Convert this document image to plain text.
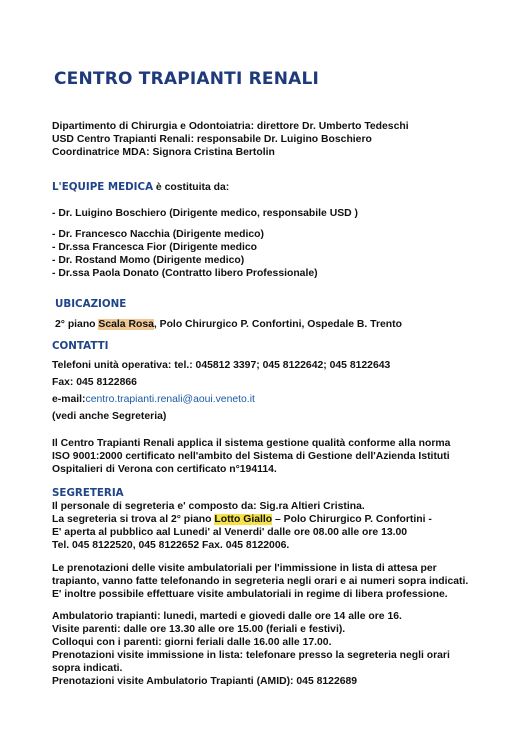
CENTRO TRAPIANTI RENALI
Dipartimento di Chirurgia e Odontoiatria: direttore Dr. Umberto Tedeschi
USD Centro Trapianti Renali: responsabile Dr. Luigino Boschiero
Coordinatrice MDA: Signora Cristina Bertolin
L'EQUIPE MEDICA è costituita da:
- Dr. Luigino Boschiero (Dirigente medico, responsabile USD )
- Dr. Francesco Nacchia (Dirigente medico)
- Dr.ssa Francesca Fior (Dirigente medico
- Dr. Rostand Momo (Dirigente medico)
- Dr.ssa Paola Donato (Contratto libero Professionale)
UBICAZIONE
2° piano Scala Rosa, Polo Chirurgico P. Confortini, Ospedale B. Trento
CONTATTI
Telefoni unità operativa: tel.: 045812 3397; 045 8122642; 045 8122643
Fax: 045 8122866
e-mail:centro.trapianti.renali@aoui.veneto.it
(vedi anche Segreteria)
Il Centro Trapianti Renali applica il sistema gestione qualità conforme alla norma
ISO 9001:2000 certificato nell'ambito del Sistema di Gestione dell'Azienda Istituti
Ospitalieri di Verona con certificato n°194114.
SEGRETERIA
Il personale di segreteria e' composto da: Sig.ra Altieri Cristina.
La segreteria si trova al 2° piano Lotto Giallo – Polo Chirurgico P. Confortini -
E' aperta al pubblico aal Lunedi' al Venerdi' dalle ore 08.00 alle ore 13.00
Tel. 045 8122520, 045 8122652 Fax. 045 8122006.
Le prenotazioni delle visite ambulatoriali per l'immissione in lista di attesa per
trapianto, vanno fatte telefonando in segreteria negli orari e ai numeri sopra indicati.
E' inoltre possibile effettuare visite ambulatoriali in regime di libera professione.
Ambulatorio trapianti: lunedi, martedi e giovedi dalle ore 14 alle ore 16.
Visite parenti: dalle ore 13.30 alle ore 15.00 (feriali e festivi).
Colloqui con i parenti: giorni feriali dalle 16.00 alle 17.00.
Prenotazioni visite immissione in lista: telefonare presso la segreteria negli orari
sopra indicati.
Prenotazioni visite Ambulatorio Trapianti (AMID): 045 8122689
